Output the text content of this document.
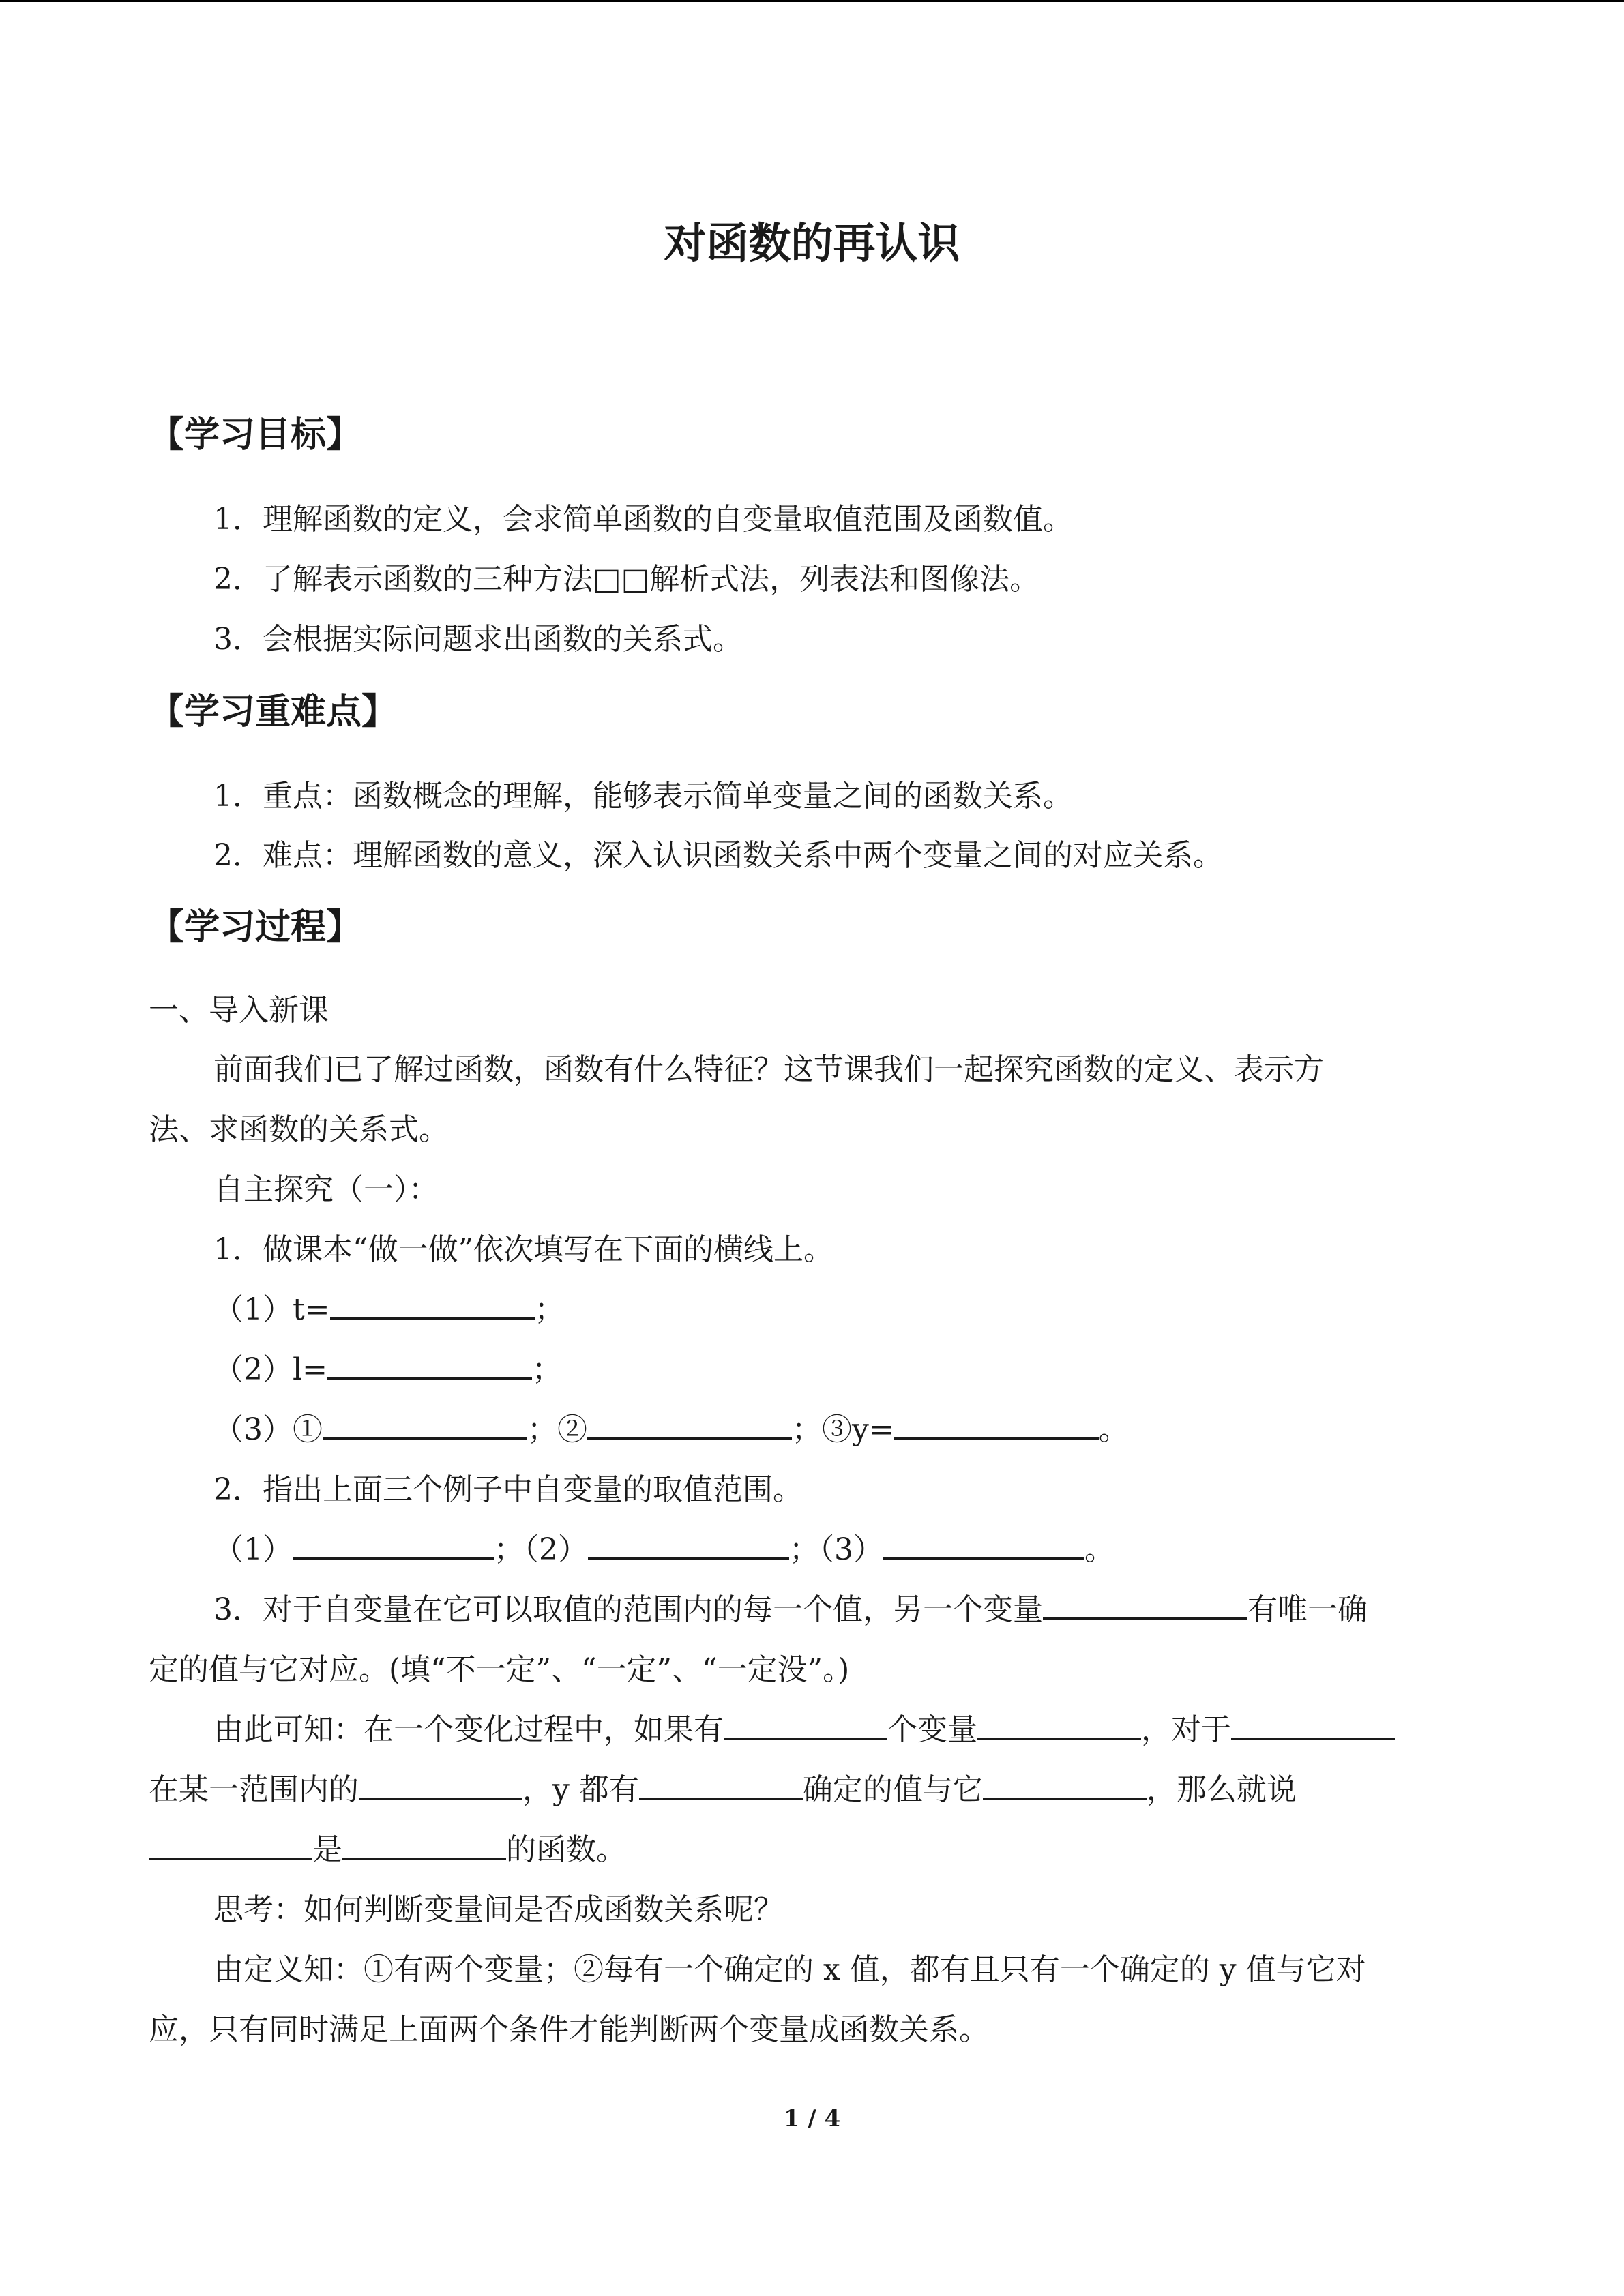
对函数的再认识
【学习目标】
1．理解函数的定义，会求简单函数的自变量取值范围及函数值。
2．了解表示函数的三种方法□□解析式法，列表法和图像法。
3．会根据实际问题求出函数的关系式。
【学习重难点】
1．重点：函数概念的理解，能够表示简单变量之间的函数关系。
2．难点：理解函数的意义，深入认识函数关系中两个变量之间的对应关系。
【学习过程】
一、导入新课
前面我们已了解过函数，函数有什么特征？这节课我们一起探究函数的定义、表示方
法、求函数的关系式。
自主探究（一）：
1．做课本“做一做”依次填写在下面的横线上。
（1）t=	；
（2）l=	；
（3）①	；②	；③y=	。
2．指出上面三个例子中自变量的取值范围。
（1）	；（2）	；（3）	。
3．对于自变量在它可以取值的范围内的每一个值，另一个变量	有唯一确
定的值与它对应。(填“不一定”、“一定”、“一定没”。)
由此可知：在一个变化过程中，如果有	个变量	，对于
在某一范围内的	，y 都有	确定的值与它	，那么就说
是	的函数。
思考：如何判断变量间是否成函数关系呢？
由定义知：①有两个变量；②每有一个确定的 x 值，都有且只有一个确定的 y 值与它对
应，只有同时满足上面两个条件才能判断两个变量成函数关系。
1 / 4
